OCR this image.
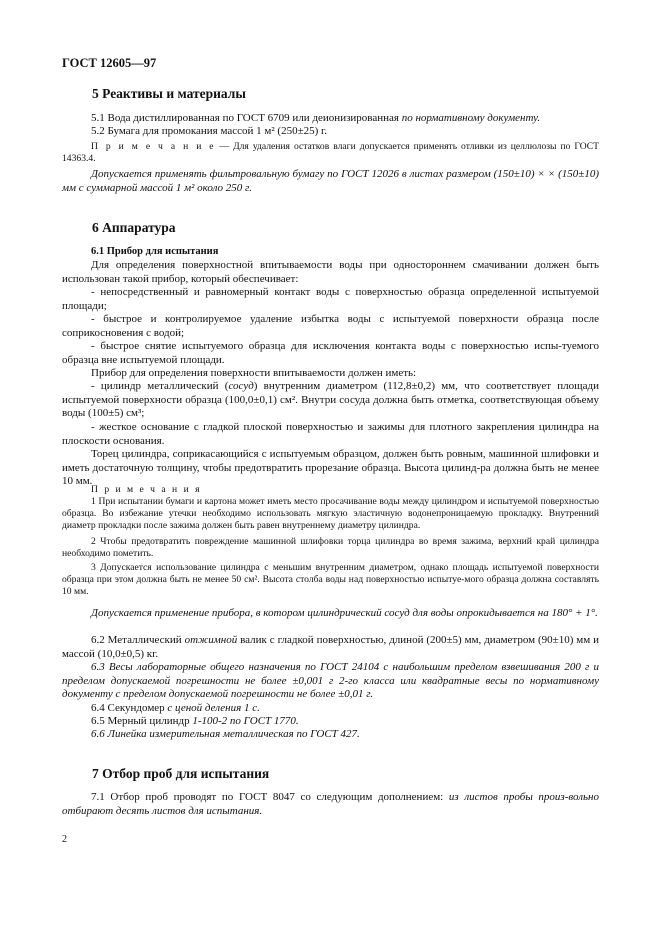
ГОСТ 12605—97
5 Реактивы и материалы
5.1 Вода дистиллированная по ГОСТ 6709 или деионизированная по нормативному документу.
5.2 Бумага для промокания массой 1 м² (250±25) г.
П р и м е ч а н и е — Для удаления остатков влаги допускается применять отливки из целлюлозы по ГОСТ 14363.4.
Допускается применять фильтровальную бумагу по ГОСТ 12026 в листах размером (150±10) × × (150±10) мм с суммарной массой 1 м² около 250 г.
6 Аппаратура
6.1 Прибор для испытания
Для определения поверхностной впитываемости воды при одностороннем смачивании должен быть использован такой прибор, который обеспечивает:
- непосредственный и равномерный контакт воды с поверхностью образца определенной испытуемой площади;
- быстрое и контролируемое удаление избытка воды с испытуемой поверхности образца после соприкосновения с водой;
- быстрое снятие испытуемого образца для исключения контакта воды с поверхностью испы-туемого образца вне испытуемой площади.
Прибор для определения поверхности впитываемости должен иметь:
- цилиндр металлический (сосуд) внутренним диаметром (112,8±0,2) мм, что соответствует площади испытуемой поверхности образца (100,0±0,1) см². Внутри сосуда должна быть отметка, соответствующая объему воды (100±5) см³;
- жесткое основание с гладкой плоской поверхностью и зажимы для плотного закрепления цилиндра на плоскости основания.
Торец цилиндра, соприкасающийся с испытуемым образцом, должен быть ровным, машинной шлифовки и иметь достаточную толщину, чтобы предотвратить прорезание образца. Высота цилинд-ра должна быть не менее 10 мм.
П р и м е ч а н и я
1 При испытании бумаги и картона может иметь место просачивание воды между цилиндром и испытуемой поверхностью образца. Во избежание утечки необходимо использовать мягкую эластичную водонепроницаемую прокладку. Внутренний диаметр прокладки после зажима должен быть равен внутреннему диаметру цилиндра.
2 Чтобы предотвратить повреждение машинной шлифовки торца цилиндра во время зажима, верхний край цилиндра необходимо пометить.
3 Допускается использование цилиндра с меньшим внутренним диаметром, однако площадь испытуемой поверхности образца при этом должна быть не менее 50 см². Высота столба воды над поверхностью испытуе-мого образца должна составлять 10 мм.
Допускается применение прибора, в котором цилиндрический сосуд для воды опрокидывается на 180° + 1°.
6.2 Металлический отжимной валик с гладкой поверхностью, длиной (200±5) мм, диаметром (90±10) мм и массой (10,0±0,5) кг.
6.3 Весы лабораторные общего назначения по ГОСТ 24104 с наибольшим пределом взвешивания 200 г и пределом допускаемой погрешности не более ±0,001 г 2-го класса или квадратные весы по нормативному документу с пределом допускаемой погрешности не более ±0,01 г.
6.4 Секундомер с ценой деления 1 с.
6.5 Мерный цилиндр 1-100-2 по ГОСТ 1770.
6.6 Линейка измерительная металлическая по ГОСТ 427.
7 Отбор проб для испытания
7.1 Отбор проб проводят по ГОСТ 8047 со следующим дополнением: из листов пробы произ-вольно отбирают десять листов для испытания.
2
